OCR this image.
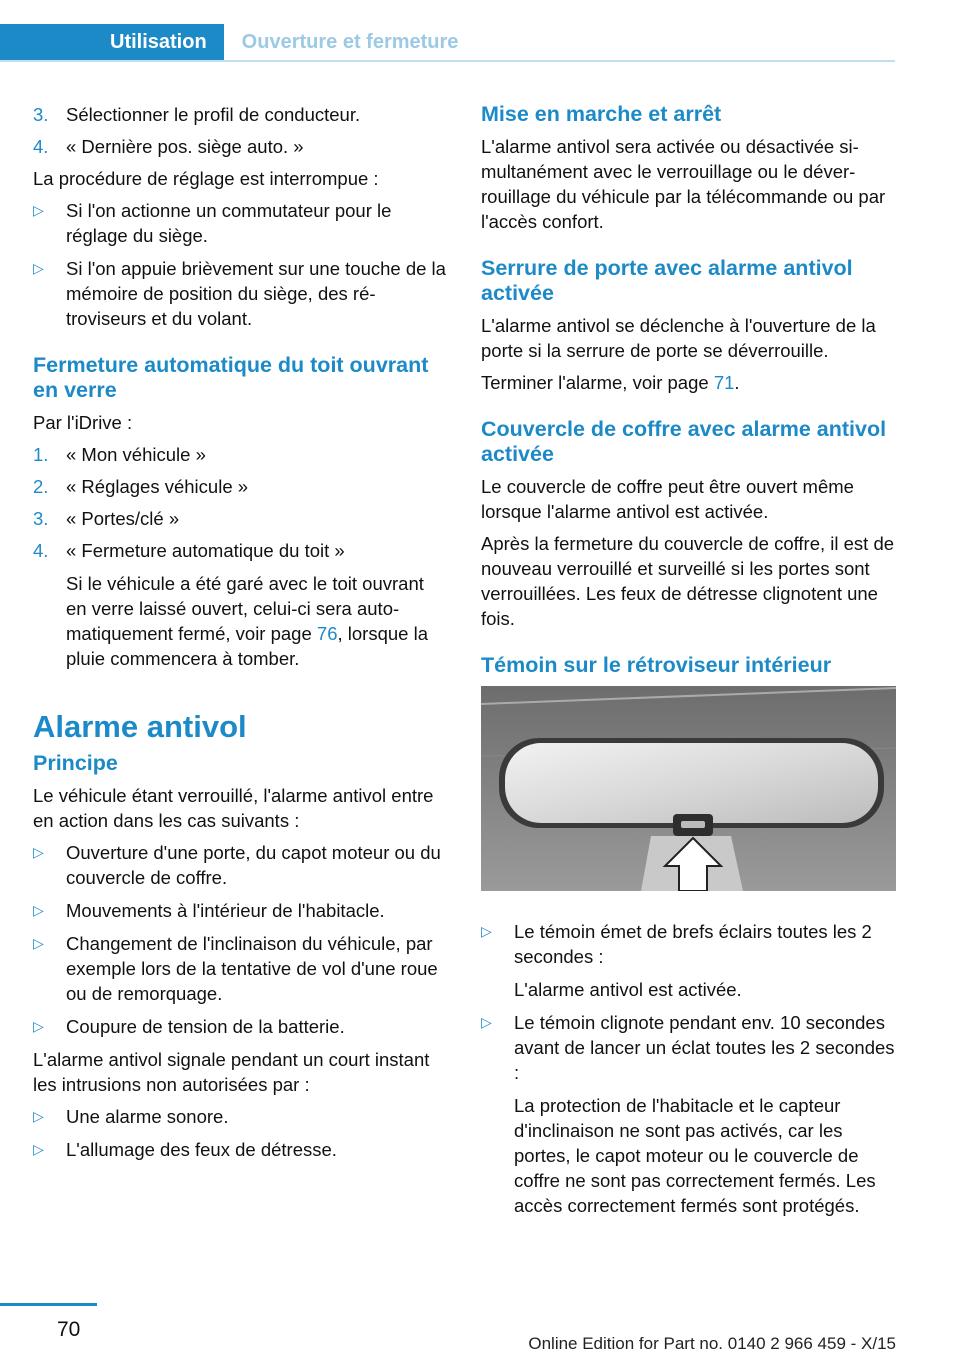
Utilisation	Ouverture et fermeture
3. Sélectionner le profil de conducteur.
4. « Dernière pos. siège auto. »

La procédure de réglage est interrompue :

▷	Si l'on actionne un commutateur pour le réglage du siège.
▷	Si l'on appuie brièvement sur une touche de la mémoire de position du siège, des rétroviseurs et du volant.
Fermeture automatique du toit ouvrant en verre

Par l'iDrive :

1. « Mon véhicule »
2. « Réglages véhicule »
3. « Portes/clé »
4. « Fermeture automatique du toit »
Si le véhicule a été garé avec le toit ouvrant en verre laissé ouvert, celui-ci sera automatiquement fermé, voir page 76, lorsque la pluie commencera à tomber.
Alarme antivol
Principe

Le véhicule étant verrouillé, l'alarme antivol entre en action dans les cas suivants :

▷	Ouverture d'une porte, du capot moteur ou du couvercle de coffre.
▷	Mouvements à l'intérieur de l'habitacle.
▷	Changement de l'inclinaison du véhicule, par exemple lors de la tentative de vol d'une roue ou de remorquage.
▷	Coupure de tension de la batterie.

L'alarme antivol signale pendant un court instant les intrusions non autorisées par :

▷	Une alarme sonore.
▷	L'allumage des feux de détresse.
Mise en marche et arrêt

L'alarme antivol sera activée ou désactivée simultanément avec le verrouillage ou le déverrouillage du véhicule par la télécommande ou par l'accès confort.

Serrure de porte avec alarme antivol activée

L'alarme antivol se déclenche à l'ouverture de la porte si la serrure de porte se déverrouille.

Terminer l'alarme, voir page 71.

Couvercle de coffre avec alarme antivol activée

Le couvercle de coffre peut être ouvert même lorsque l'alarme antivol est activée.

Après la fermeture du couvercle de coffre, il est de nouveau verrouillé et surveillé si les portes sont verrouillées. Les feux de détresse clignotent une fois.

Témoin sur le rétroviseur intérieur
▷	Le témoin émet de brefs éclairs toutes les 2 secondes :
L'alarme antivol est activée.
▷	Le témoin clignote pendant env. 10 secondes avant de lancer un éclat toutes les 2 secondes :
La protection de l'habitacle et le capteur d'inclinaison ne sont pas activés, car les portes, le capot moteur ou le couvercle de coffre ne sont pas correctement fermés. Les accès correctement fermés sont protégés.
70
Online Edition for Part no. 0140 2 966 459 - X/15
